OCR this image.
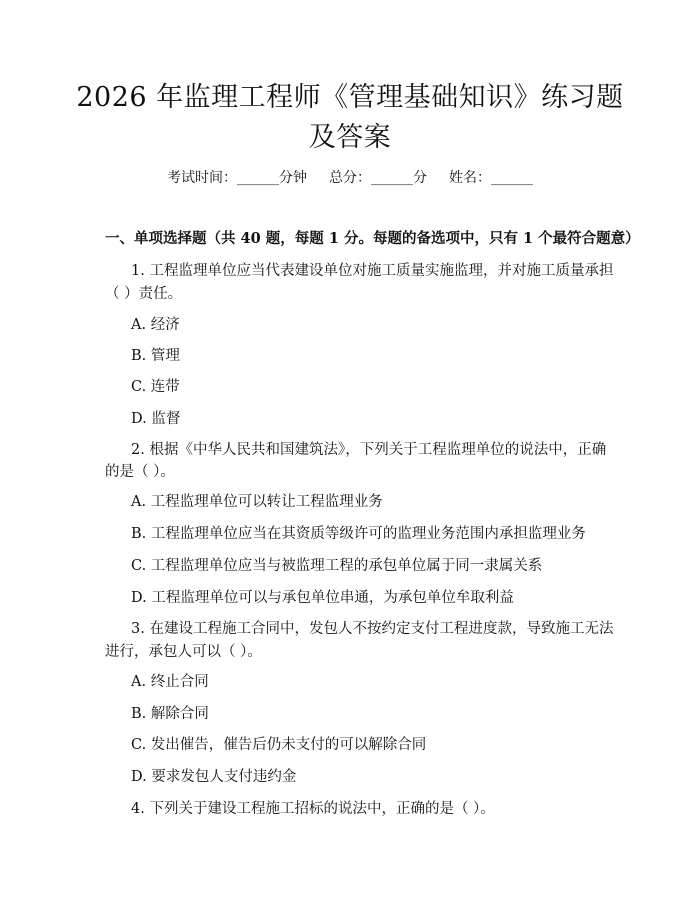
2026 年监理工程师《管理基础知识》练习题
及答案
考试时间：______分钟 总分：______分 姓名：______
一、单项选择题（共 40 题，每题 1 分。每题的备选项中，只有 1 个最符合题意）
1. 工程监理单位应当代表建设单位对施工质量实施监理，并对施工质量承担
（ ）责任。
A. 经济
B. 管理
C. 连带
D. 监督
2. 根据《中华人民共和国建筑法》，下列关于工程监理单位的说法中，正确
的是（ ）。
A. 工程监理单位可以转让工程监理业务
B. 工程监理单位应当在其资质等级许可的监理业务范围内承担监理业务
C. 工程监理单位应当与被监理工程的承包单位属于同一隶属关系
D. 工程监理单位可以与承包单位串通，为承包单位牟取利益
3. 在建设工程施工合同中，发包人不按约定支付工程进度款，导致施工无法
进行，承包人可以（ ）。
A. 终止合同
B. 解除合同
C. 发出催告，催告后仍未支付的可以解除合同
D. 要求发包人支付违约金
4. 下列关于建设工程施工招标的说法中，正确的是（ ）。
